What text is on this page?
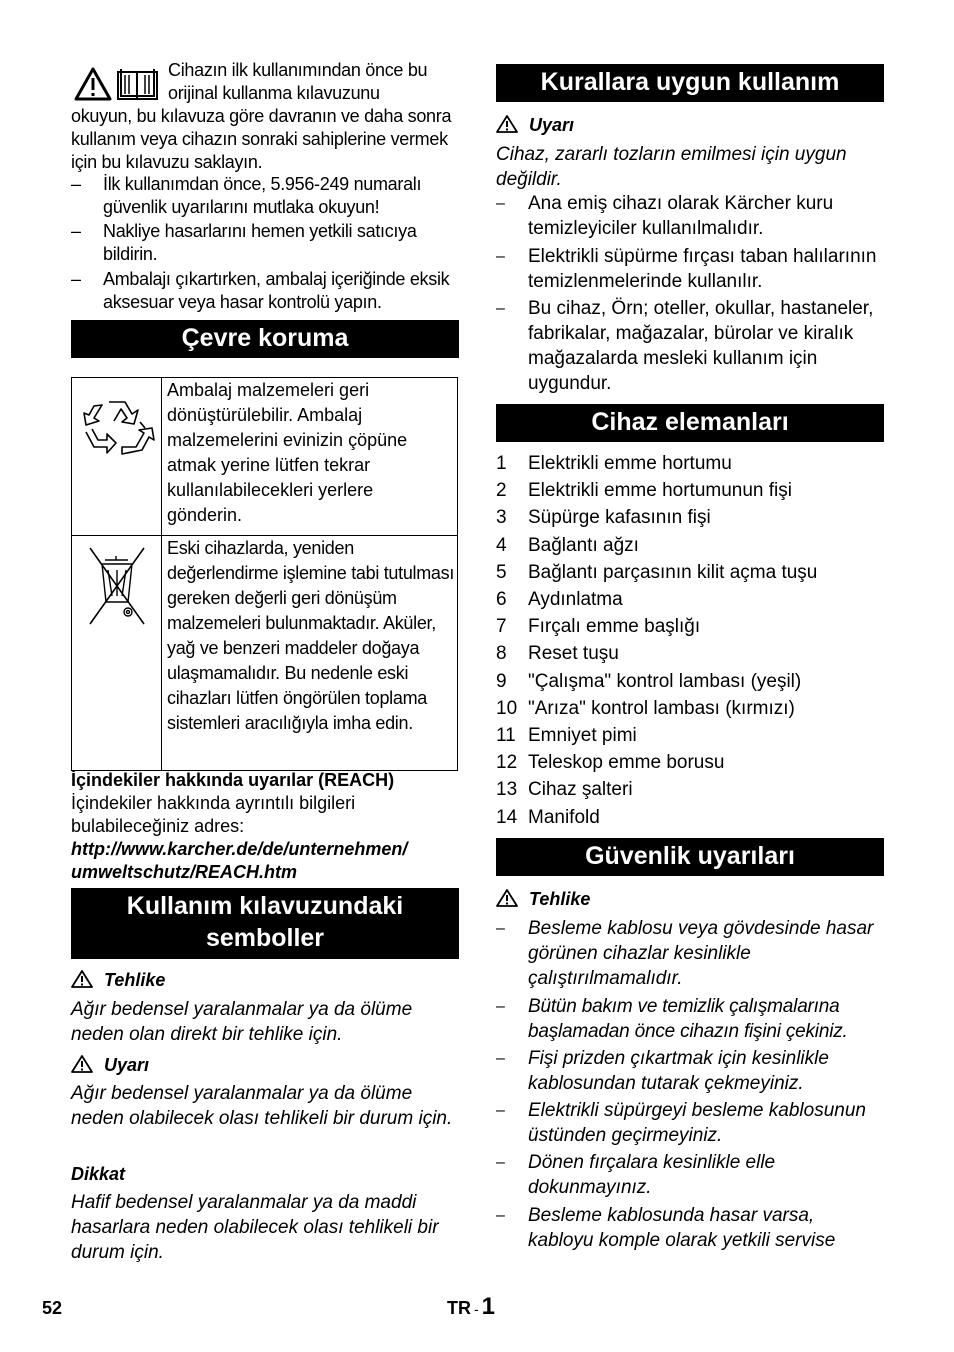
Cihazın ilk kullanımından önce bu
orijinal kullanma kılavuzunu
okuyun, bu kılavuza göre davranın ve daha sonra kullanım veya cihazın sonraki sahiplerine vermek için bu kılavuzu saklayın.
– İlk kullanımdan önce, 5.956-249 numaralı güvenlik uyarılarını mutlaka okuyun!
– Nakliye hasarlarını hemen yetkili satıcıya bildirin.
– Ambalajı çıkartırken, ambalaj içeriğinde eksik aksesuar veya hasar kontrolü yapın.
Çevre koruma

Ambalaj malzemeleri geri dönüştürülebilir. Ambalaj malzemelerini evinizin çöpüne atmak yerine lütfen tekrar kullanılabilecekleri yerlere gönderin.

Eski cihazlarda, yeniden değerlendirme işlemine tabi tutulması gereken değerli geri dönüşüm malzemeleri bulunmaktadır. Aküler, yağ ve benzeri maddeler doğaya ulaşmamalıdır. Bu nedenle eski cihazları lütfen öngörülen toplama sistemleri aracılığıyla imha edin.
İçindekiler hakkında uyarılar (REACH)
İçindekiler hakkında ayrıntılı bilgileri bulabileceğiniz adres:
http://www.karcher.de/de/unternehmen/
umweltschutz/REACH.htm
Kullanım kılavuzundaki
semboller
Tehlike
Ağır bedensel yaralanmalar ya da ölüme neden olan direkt bir tehlike için.
Uyarı
Ağır bedensel yaralanmalar ya da ölüme neden olabilecek olası tehlikeli bir durum için.
Dikkat
Hafif bedensel yaralanmalar ya da maddi hasarlara neden olabilecek olası tehlikeli bir durum için.
Kurallara uygun kullanım
Uyarı
Cihaz, zararlı tozların emilmesi için uygun değildir.
– Ana emiş cihazı olarak Kärcher kuru temizleyiciler kullanılmalıdır.
– Elektrikli süpürme fırçası taban halılarının temizlenmelerinde kullanılır.
– Bu cihaz, Örn; oteller, okullar, hastaneler, fabrikalar, mağazalar, bürolar ve kiralık mağazalarda mesleki kullanım için uygundur.
Cihaz elemanları
1 Elektrikli emme hortumu
2 Elektrikli emme hortumunun fişi
3 Süpürge kafasının fişi
4 Bağlantı ağzı
5 Bağlantı parçasının kilit açma tuşu
6 Aydınlatma
7 Fırçalı emme başlığı
8 Reset tuşu
9 "Çalışma" kontrol lambası (yeşil)
10 "Arıza" kontrol lambası (kırmızı)
11 Emniyet pimi
12 Teleskop emme borusu
13 Cihaz şalteri
14 Manifold
Güvenlik uyarıları
Tehlike
– Besleme kablosu veya gövdesinde hasar görünen cihazlar kesinlikle çalıştırılmamalıdır.
– Bütün bakım ve temizlik çalışmalarına başlamadan önce cihazın fişini çekiniz.
– Fişi prizden çıkartmak için kesinlikle kablosundan tutarak çekmeyiniz.
– Elektrikli süpürgeyi besleme kablosunun üstünden geçirmeyiniz.
– Dönen fırçalara kesinlikle elle dokunmayınız.
– Besleme kablosunda hasar varsa, kabloyu komple olarak yetkili servise
52	TR - 1
